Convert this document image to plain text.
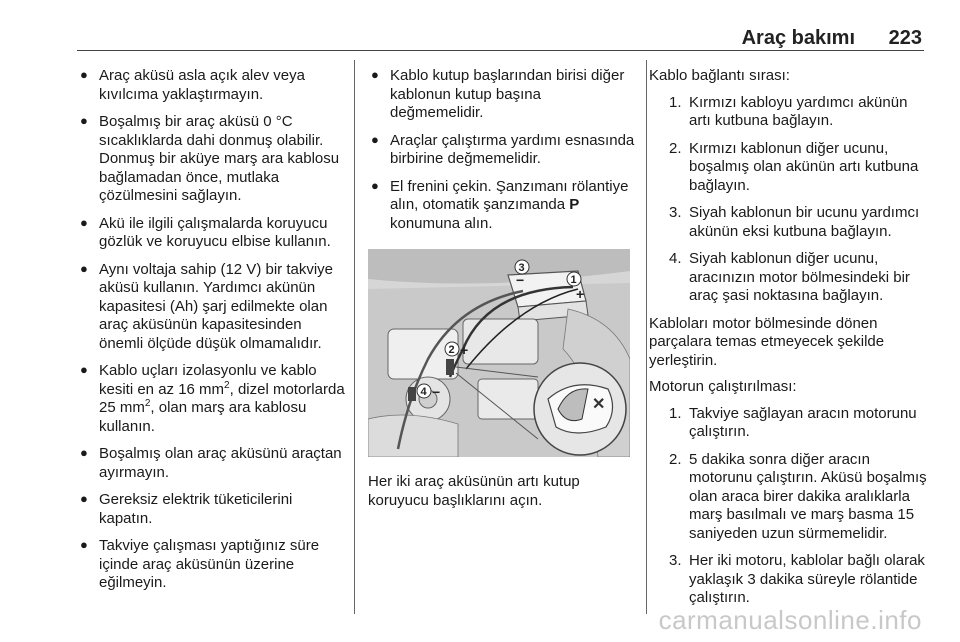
Araç bakımı 223
● Araç aküsü asla açık alev veya kıvılcıma yaklaştırmayın.
● Boşalmış bir araç aküsü 0 °C sıcaklıklarda dahi donmuş olabilir. Donmuş bir aküye marş ara kablosu bağlamadan önce, mutlaka çözülmesini sağlayın.
● Akü ile ilgili çalışmalarda koruyucu gözlük ve koruyucu elbise kullanın.
● Aynı voltaja sahip (12 V) bir takviye aküsü kullanın. Yardımcı akünün kapasitesi (Ah) şarj edilmekte olan araç aküsünün kapasitesinden önemli ölçüde düşük olmamalıdır.
● Kablo uçları izolasyonlu ve kablo kesiti en az 16 $mm^2$, dizel motorlarda 25 $mm^2$, olan marş ara kablosu kullanın.
● Boşalmış olan araç aküsünü araçtan ayırmayın.
● Gereksiz elektrik tüketicilerini kapatın.
● Takviye çalışması yaptığınız süre içinde araç aküsünün üzerine eğilmeyin.
● Kablo kutup başlarından birisi diğer kablonun kutup başına değmemelidir.
● Araçlar çalıştırma yardımı esnasında birbirine değmemelidir.
● El frenini çekin. Şanzımanı rölantiye alın, otomatik şanzımanda P konumuna alın.
✕
3
−	1
+
2 +
4 −

Her iki araç aküsünün artı kutup koruyucu başlıklarını açın.

Kablo bağlantı sırası:

1. Kırmızı kabloyu yardımcı akünün artı kutbuna bağlayın.
2. Kırmızı kablonun diğer ucunu, boşalmış olan akünün artı kutbuna bağlayın.
3. Siyah kablonun bir ucunu yardımcı akünün eksi kutbuna bağlayın.
4. Siyah kablonun diğer ucunu, aracınızın motor bölmesindeki bir araç şasi noktasına bağlayın.

Kabloları motor bölmesinde dönen parçalara temas etmeyecek şekilde yerleştirin.

Motorun çalıştırılması:

1. Takviye sağlayan aracın motorunu çalıştırın.
2. 5 dakika sonra diğer aracın motorunu çalıştırın. Aküsü boşalmış olan araca birer dakika aralıklarla marş basılmalı ve marş basma 15 saniyeden uzun sürmemelidir.
3. Her iki motoru, kablolar bağlı olarak yaklaşık 3 dakika süreyle rölantide çalıştırın.
carmanualsonline.info
